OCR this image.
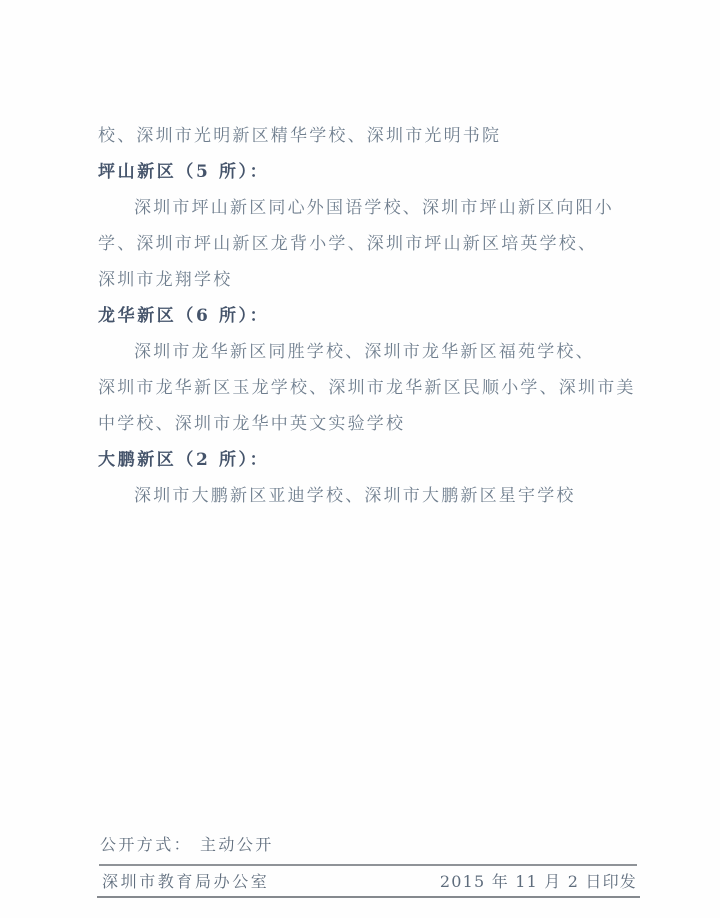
校、深圳市光明新区精华学校、深圳市光明书院

坪山新区（5 所）：

深圳市坪山新区同心外国语学校、深圳市坪山新区向阳小

学、深圳市坪山新区龙背小学、深圳市坪山新区培英学校、

深圳市龙翔学校

龙华新区（6 所）：

深圳市龙华新区同胜学校、深圳市龙华新区福苑学校、

深圳市龙华新区玉龙学校、深圳市龙华新区民顺小学、深圳市美

中学校、深圳市龙华中英文实验学校

大鹏新区（2 所）：

深圳市大鹏新区亚迪学校、深圳市大鹏新区星宇学校

公开方式： 主动公开
深圳市教育局办公室	2015 年 11 月 2 日印发
